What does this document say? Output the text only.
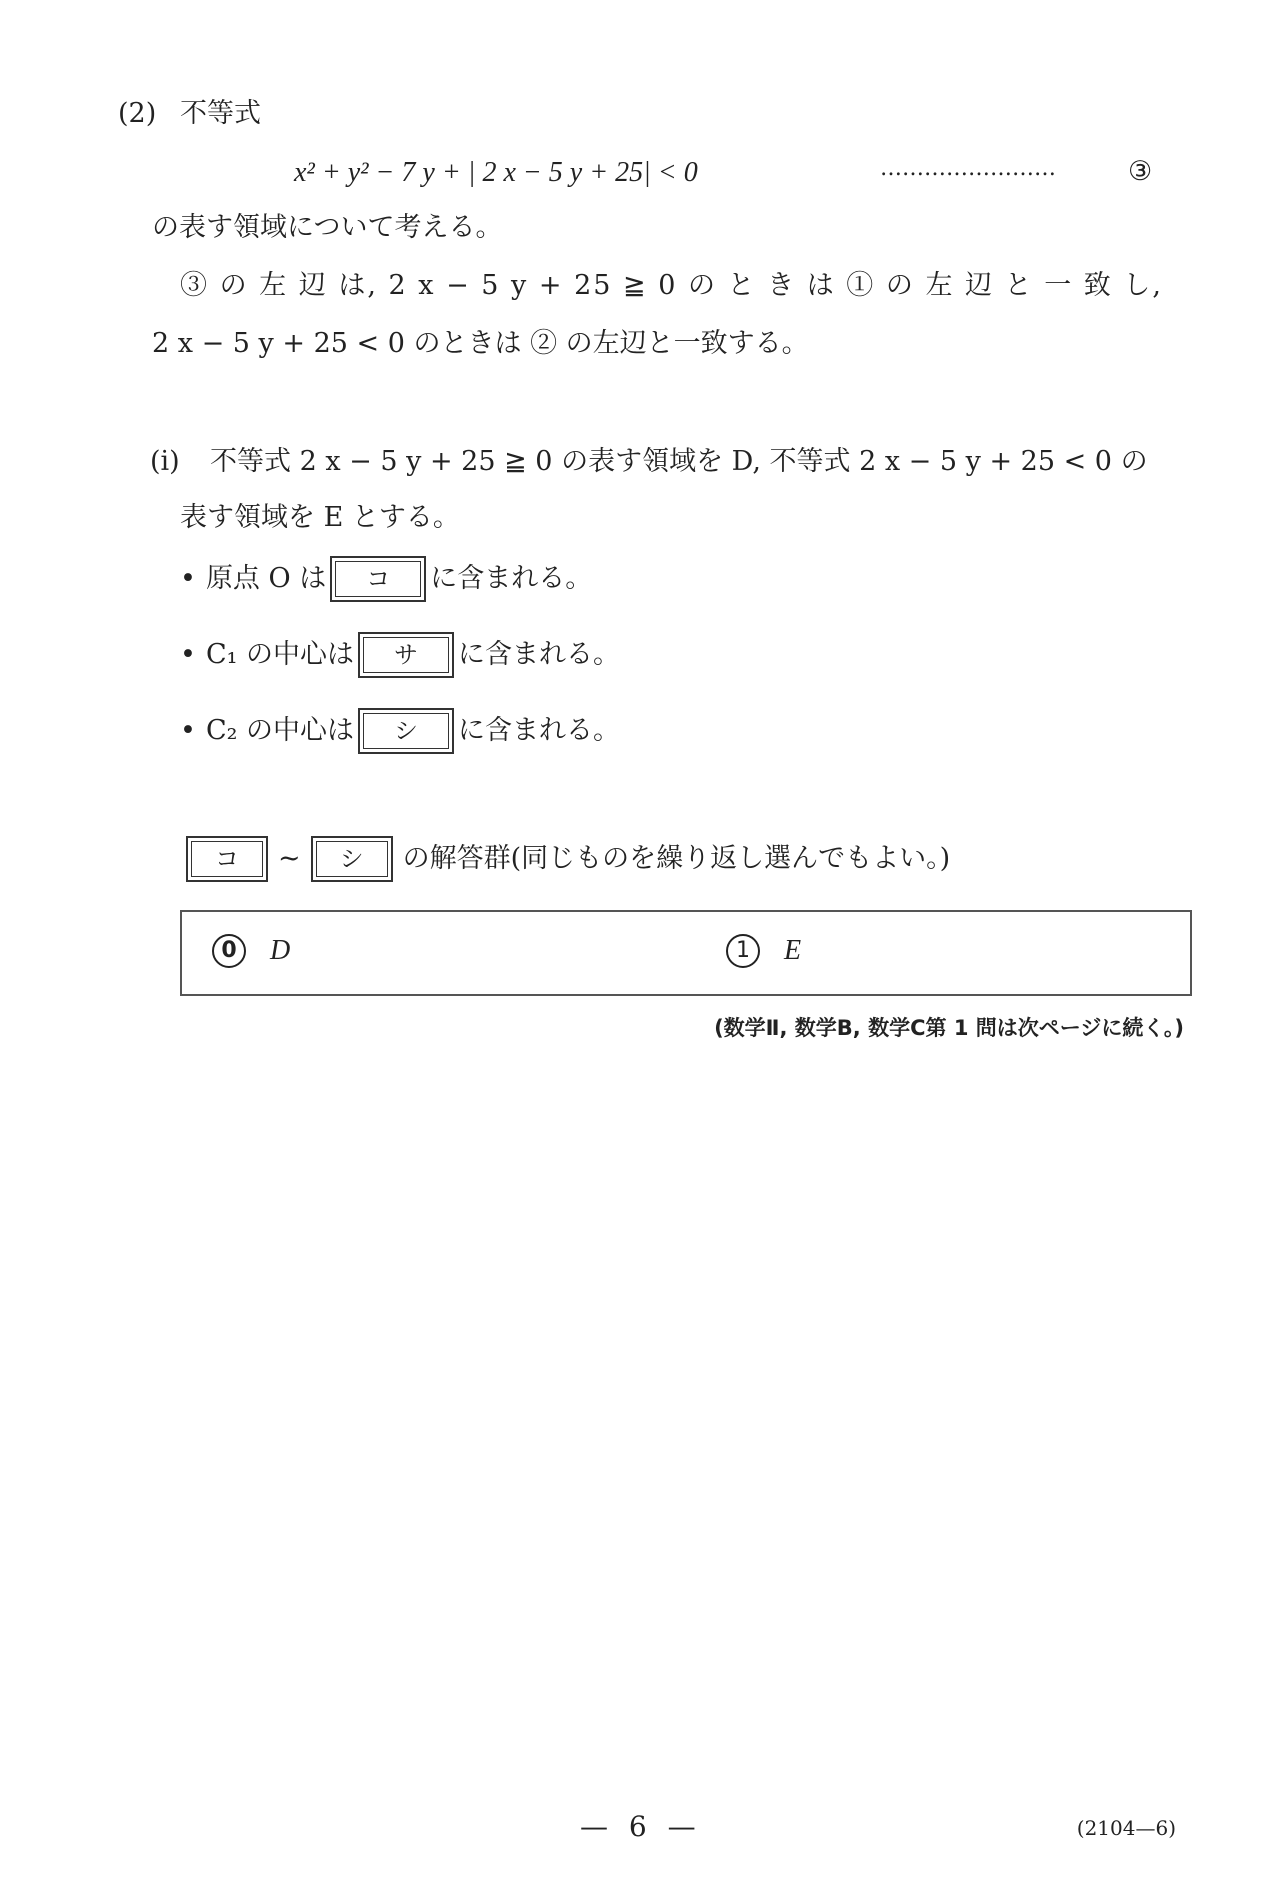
(2) 不等式
x² + y² − 7 y + | 2 x − 5 y + 25| < 0	……………………	③
の表す領域について考える。
③ の 左 辺 は, 2 x − 5 y + 25 ≧ 0 の と き は ① の 左 辺 と 一 致 し,
2 x − 5 y + 25 < 0 のときは ② の左辺と一致する。
(i) 不等式 2 x − 5 y + 25 ≧ 0 の表す領域を D, 不等式 2 x − 5 y + 25 < 0 の
表す領域を E とする。
• 原点 O は	コ	に含まれる。
• C₁ の中心は	サ	に含まれる。
• C₂ の中心は	シ	に含まれる。
コ	~	シ	の解答群(同じものを繰り返し選んでもよい。)
0	D	1	E
(数学Ⅱ, 数学B, 数学C第 1 問は次ページに続く。)
— 6 —	(2104—6)
